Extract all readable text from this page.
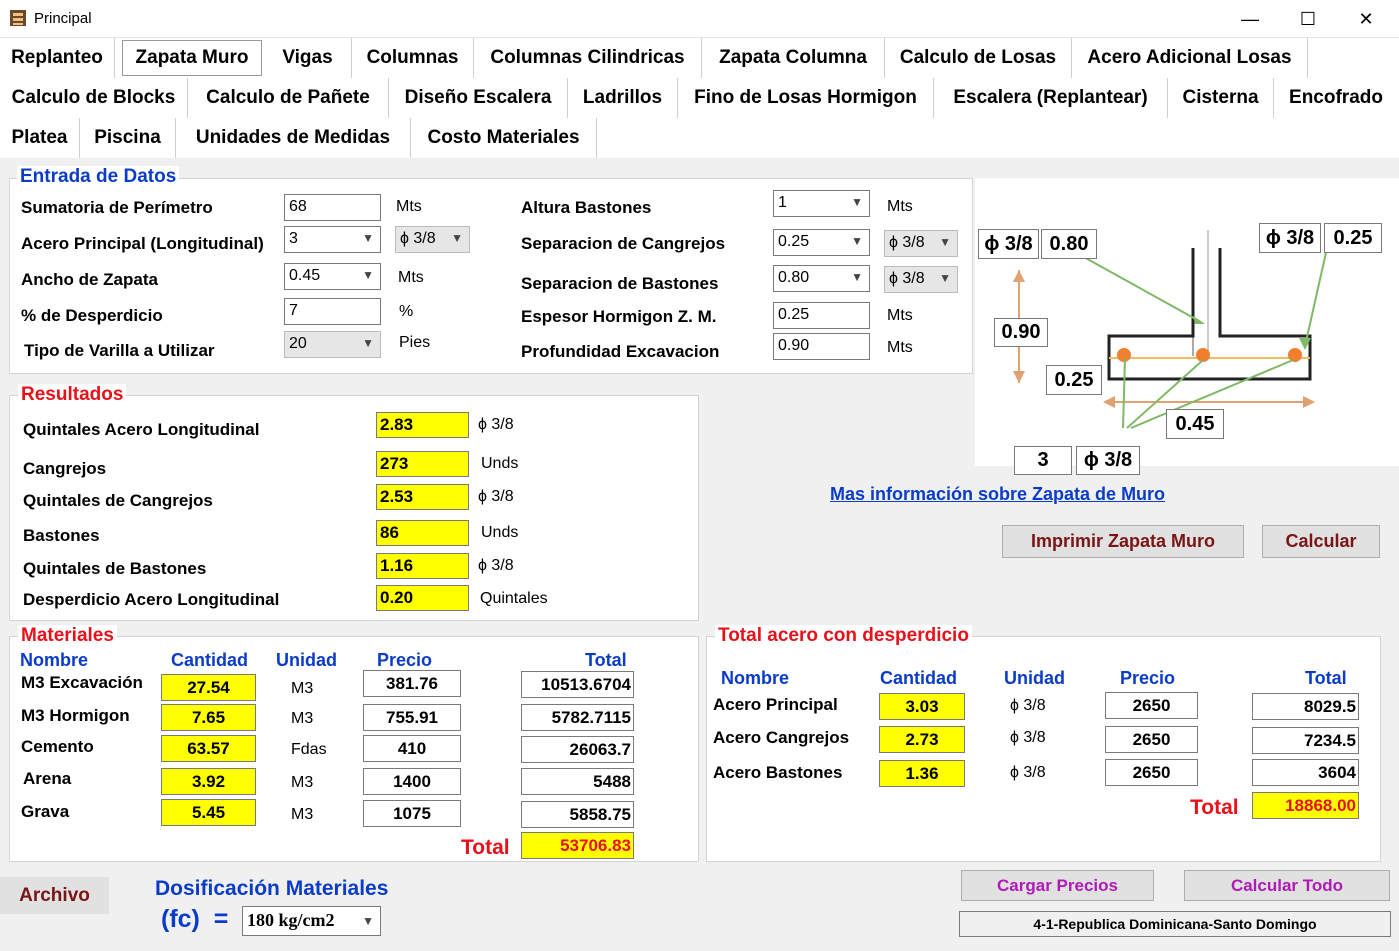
Principal	—	☐	✕
Replanteo	Zapata Muro	Vigas	Columnas	Columnas Cilindricas	Zapata Columna	Calculo de Losas	Acero Adicional Losas
Calculo de Blocks	Calculo de Pañete	Diseño Escalera	Ladrillos	Fino de Losas Hormigon	Escalera (Replantear)	Cisterna	Encofrado
Platea	Piscina	Unidades de Medidas	Costo Materiales
Entrada de Datos
Sumatoria de Perímetro	68	Mts
Acero Principal (Longitudinal)	3	▼	ϕ 3/8 ▼
Ancho de Zapata	0.45	▼ Mts
% de Desperdicio	7	%
Tipo de Varilla a Utilizar	20	▼ Pies
Altura Bastones	1	▼ Mts
Separacion de Cangrejos	0.25	▼	ϕ 3/8 ▼
Separacion de Bastones	0.80	▼	ϕ 3/8 ▼
Espesor Hormigon Z. M.	0.25	Mts
Profundidad Excavacion	0.90	Mts
ϕ 3/8 0.80	ϕ 3/8 0.25
0.90
0.25
0.45
3	ϕ 3/8
Resultados
Quintales Acero Longitudinal	2.83	ϕ 3/8
Cangrejos	273	Unds
Quintales de Cangrejos	2.53	ϕ 3/8
Bastones	86	Unds
Quintales de Bastones	1.16	ϕ 3/8
Desperdicio Acero Longitudinal	0.20	Quintales
Mas información sobre Zapata de Muro
Imprimir Zapata Muro	Calcular
Materiales
Nombre	Cantidad Unidad Precio	Total
M3 Excavación	27.54	M3	381.76	10513.6704
M3 Hormigon	7.65	M3	755.91	5782.7115
Cemento	63.57	Fdas	410	26063.7
Arena	3.92	M3	1400	5488
Grava	5.45	M3	1075	5858.75
Total	53706.83
Total acero con desperdicio
Nombre	Cantidad	Unidad	Precio	Total
Acero Principal	3.03	ϕ 3/8	2650	8029.5
Acero Cangrejos	2.73	ϕ 3/8	2650	7234.5
Acero Bastones	1.36	ϕ 3/8	2650	3604
Total	18868.00
Archivo	Dosificación Materiales
(fc)  = 180 kg/cm2 ▼
Cargar Precios	Calcular Todo
4-1-Republica Dominicana-Santo Domingo
